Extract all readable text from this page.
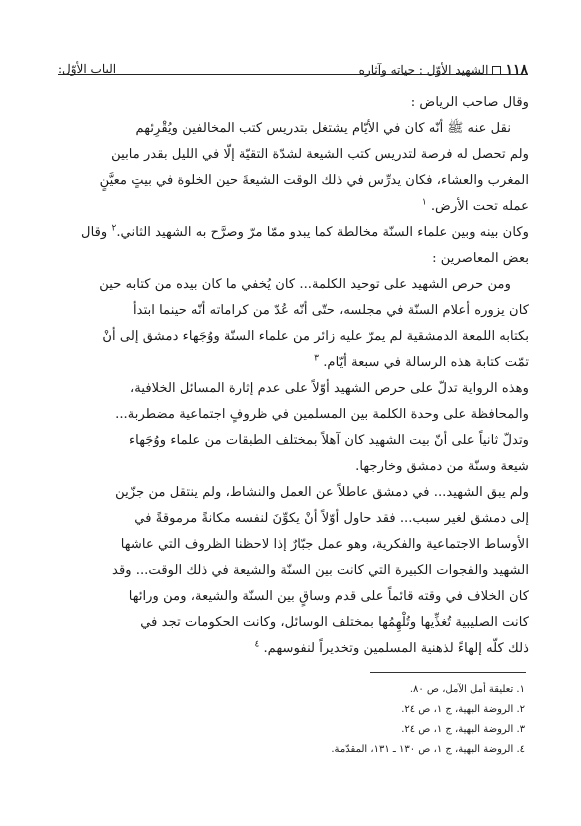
١١٨
الشهيد الأوّل : حياته وآثاره
الباب الأوّل:

وقال صاحب الرياض :

نقل عنه ﷺ أنّه كان في الأيّام يشتغل بتدريس كتب المخالفين ويُقْرِئهم

ولم تحصل له فرصة لتدريس كتب الشيعة لشدّة التقيّة إلّا في الليل بقدر مابين

المغرب والعشاء، فكان يدرِّس في ذلك الوقت الشيعةَ حين الخلوة في بيتٍ معيَّنٍ

عمله تحت الأرض. $^١$

وكان بينه وبين علماء السنّة مخالطة كما يبدو ممّا مرّ وصرَّح به الشهيد الثاني.$^٢$ وقال

بعض المعاصرين :

ومن حرص الشهيد على توحيد الكلمة... كان يُخفي ما كان بيده من كتابه حين

كان يزوره أعلام السنّة في مجلسه، حتّى أنّه عُدّ من كراماته أنّه حينما ابتدأ

بكتابه اللمعة الدمشقية لم يمرّ عليه زائر من علماء السنّة ووُجَهاء دمشق إلى أنْ

تمّت كتابة هذه الرسالة في سبعة أيّام. $^٣$

وهذه الرواية تدلّ على حرص الشهيد أوّلاً على عدم إثارة المسائل الخلافية،

والمحافظة على وحدة الكلمة بين المسلمين في ظروفٍ اجتماعية مضطربة...

وتدلّ ثانياً على أنّ بيت الشهيد كان آهلاً بمختلف الطبقات من علماء ووُجَهاء

شيعة وسنّة من دمشق وخارجها.

ولم يبق الشهيد... في دمشق عاطلاً عن العمل والنشاط، ولم ينتقل من جزّين

إلى دمشق لغير سبب... فقد حاول أوّلاً أنْ يكوِّنَ لنفسه مكانةً مرموقةً في

الأوساط الاجتماعية والفكرية، وهو عمل جبّارٌ إذا لاحظنا الظروف التي عاشها

الشهيد والفجوات الكبيرة التي كانت بين السنّة والشيعة في ذلك الوقت... وقد

كان الخلاف في وقته قائماً على قدم وساقٍ بين السنّة والشيعة، ومن ورائها

كانت الصليبية تُغذِّيها وتُلْهِمُها بمختلف الوسائل، وكانت الحكومات تجد في

ذلك كلّه إلهاءً لذهنية المسلمين وتخديراً لنفوسهم. $^٤$

١. تعليقة أمل الآمل، ص ٨٠.
٢. الروضة البهية، ج ١، ص ٢٤.
٣. الروضة البهية، ج ١، ص ٢٤.
٤. الروضة البهية، ج ١، ص ١٣٠ ـ ١٣١، المقدّمة.
